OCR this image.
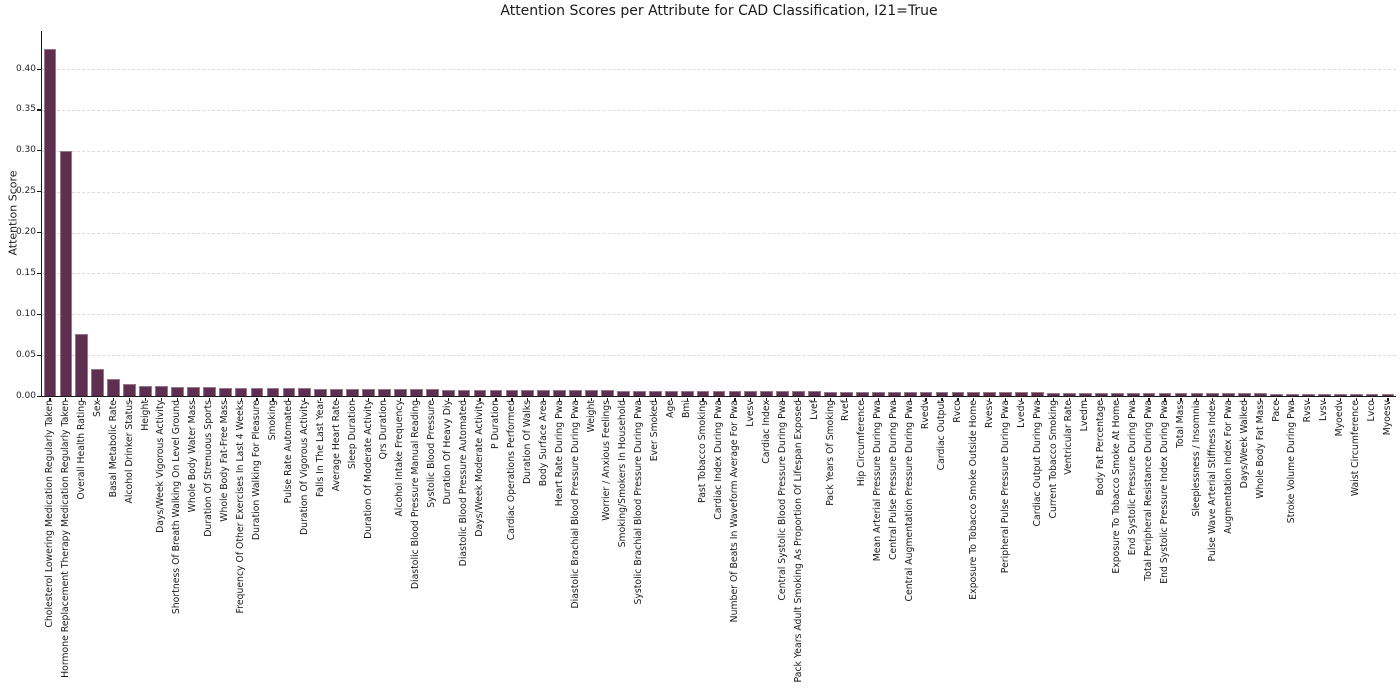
Attention Scores per Attribute for CAD Classification, I21=True
Attention Score
0.00
0.05
0.10
0.15
0.20
0.25
0.30
0.35
0.40
Cholesterol Lowering Medication Regularly Taken Hormone Replacement Therapy Medication Regularly Taken Overall Health Rating Sex Basal Metabolic Rate Alcohol Drinker Status Height Days/Week Vigorous Activity Shortness Of Breath Walking On Level Ground Whole Body Water Mass Duration Of Strenuous Sports Whole Body Fat-Free Mass Frequency Of Other Exercises In Last 4 Weeks Duration Walking For Pleasure Smoking Pulse Rate Automated Duration Of Vigorous Activity Falls In The Last Year Average Heart Rate Sleep Duration Duration Of Moderate Activity Qrs Duration Alcohol Intake Frequency Diastolic Blood Pressure Manual Reading Systolic Blood Pressure Duration Of Heavy Diy Diastolic Blood Pressure Automated Days/Week Moderate Activity P Duration Cardiac Operations Performed Duration Of Walks Body Surface Area Heart Rate During Pwa Diastolic Brachial Blood Pressure During Pwa Weight Worrier / Anxious Feelings Smoking/Smokers In Household Systolic Brachial Blood Pressure During Pwa Ever Smoked Age Bmi Past Tobacco Smoking Cardiac Index During Pwa Number Of Beats In Waveform Average For Pwa Lvesv Cardiac Index Central Systolic Blood Pressure During Pwa Pack Years Adult Smoking As Proportion Of Lifespan Exposed Lvef Pack Years Of Smoking Rvef Hip Circumference Mean Arterial Pressure During Pwa Central Pulse Pressure During Pwa Central Augmentation Pressure During Pwa Rvedv Cardiac Output Rvco Exposure To Tobacco Smoke Outside Home Rvesv Peripheral Pulse Pressure During Pwa Lvedv Cardiac Output During Pwa Current Tobacco Smoking Ventricular Rate Lvedm Body Fat Percentage Exposure To Tobacco Smoke At Home End Systolic Pressure During Pwa Total Peripheral Resistance During Pwa End Systolic Pressure Index During Pwa Total Mass Sleeplessness / Insomnia Pulse Wave Arterial Stiffness Index Augmentation Index For Pwa Days/Week Walked Whole Body Fat Mass Pace Stroke Volume During Pwa Rvsv Lvsv Myoedv Waist Circumference Lvco Myoesv
